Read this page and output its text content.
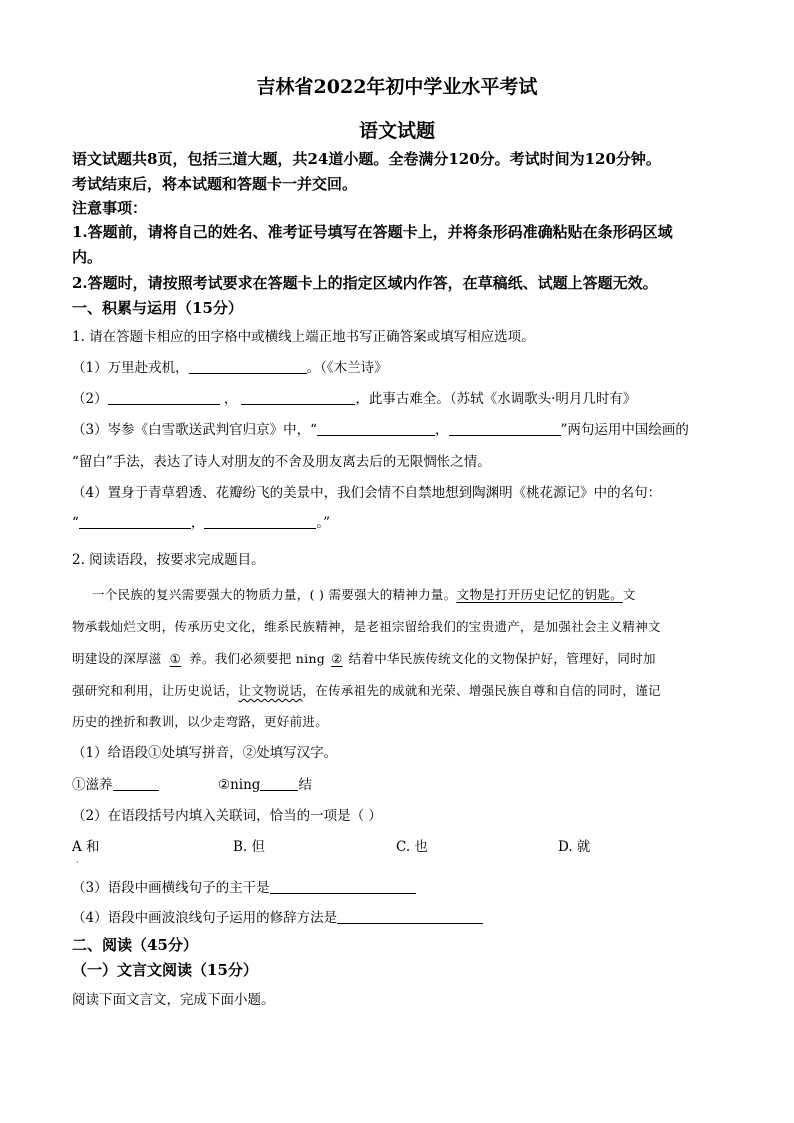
吉林省2022年初中学业水平考试
语文试题
语文试题共8页，包括三道大题，共24道小题。全卷满分120分。考试时间为120分钟。
考试结束后，将本试题和答题卡一并交回。
注意事项：
1.答题前，请将自己的姓名、准考证号填写在答题卡上，并将条形码准确粘贴在条形码区域
内。
2.答题时，请按照考试要求在答题卡上的指定区域内作答，在草稿纸、试题上答题无效。
一、积累与运用（15分）
1. 请在答题卡相应的田字格中或横线上端正地书写正确答案或填写相应选项。
（1）万里赴戎机，	。（《木兰诗》
（2）	，	，此事古难全。（苏轼《水调歌头·明月几时有》
（3）岑参《白雪歌送武判官归京》中，“	，	”两句运用中国绘画的
“留白”手法，表达了诗人对朋友的不舍及朋友离去后的无限惆怅之情。
（4）置身于青草碧透、花瓣纷飞的美景中，我们会情不自禁地想到陶渊明《桃花源记》中的名句：
“	，	。”
2. 阅读语段，按要求完成题目。
一个民族的复兴需要强大的物质力量，( ) 需要强大的精神力量。文物是打开历史记忆的钥匙。文
物承载灿烂文明，传承历史文化，维系民族精神，是老祖宗留给我们的宝贵遗产，是加强社会主义精神文
明建设的深厚滋 ① 养。我们必须要把 ning ② 结着中华民族传统文化的文物保护好，管理好，同时加
强研究和利用，让历史说话，让文物说话，在传承祖先的成就和光荣、增强民族自尊和自信的同时，谨记
历史的挫折和教训，以少走弯路，更好前进。
（1）给语段①处填写拼音，②处填写汉字。
①滋养	②ning	结
（2）在语段括号内填入关联词，恰当的一项是（ ）
A 和	B. 但	C. 也	D. 就
·
（3）语段中画横线句子的主干是
（4）语段中画波浪线句子运用的修辞方法是
二、阅读（45分）
（一）文言文阅读（15分）
阅读下面文言文，完成下面小题。
